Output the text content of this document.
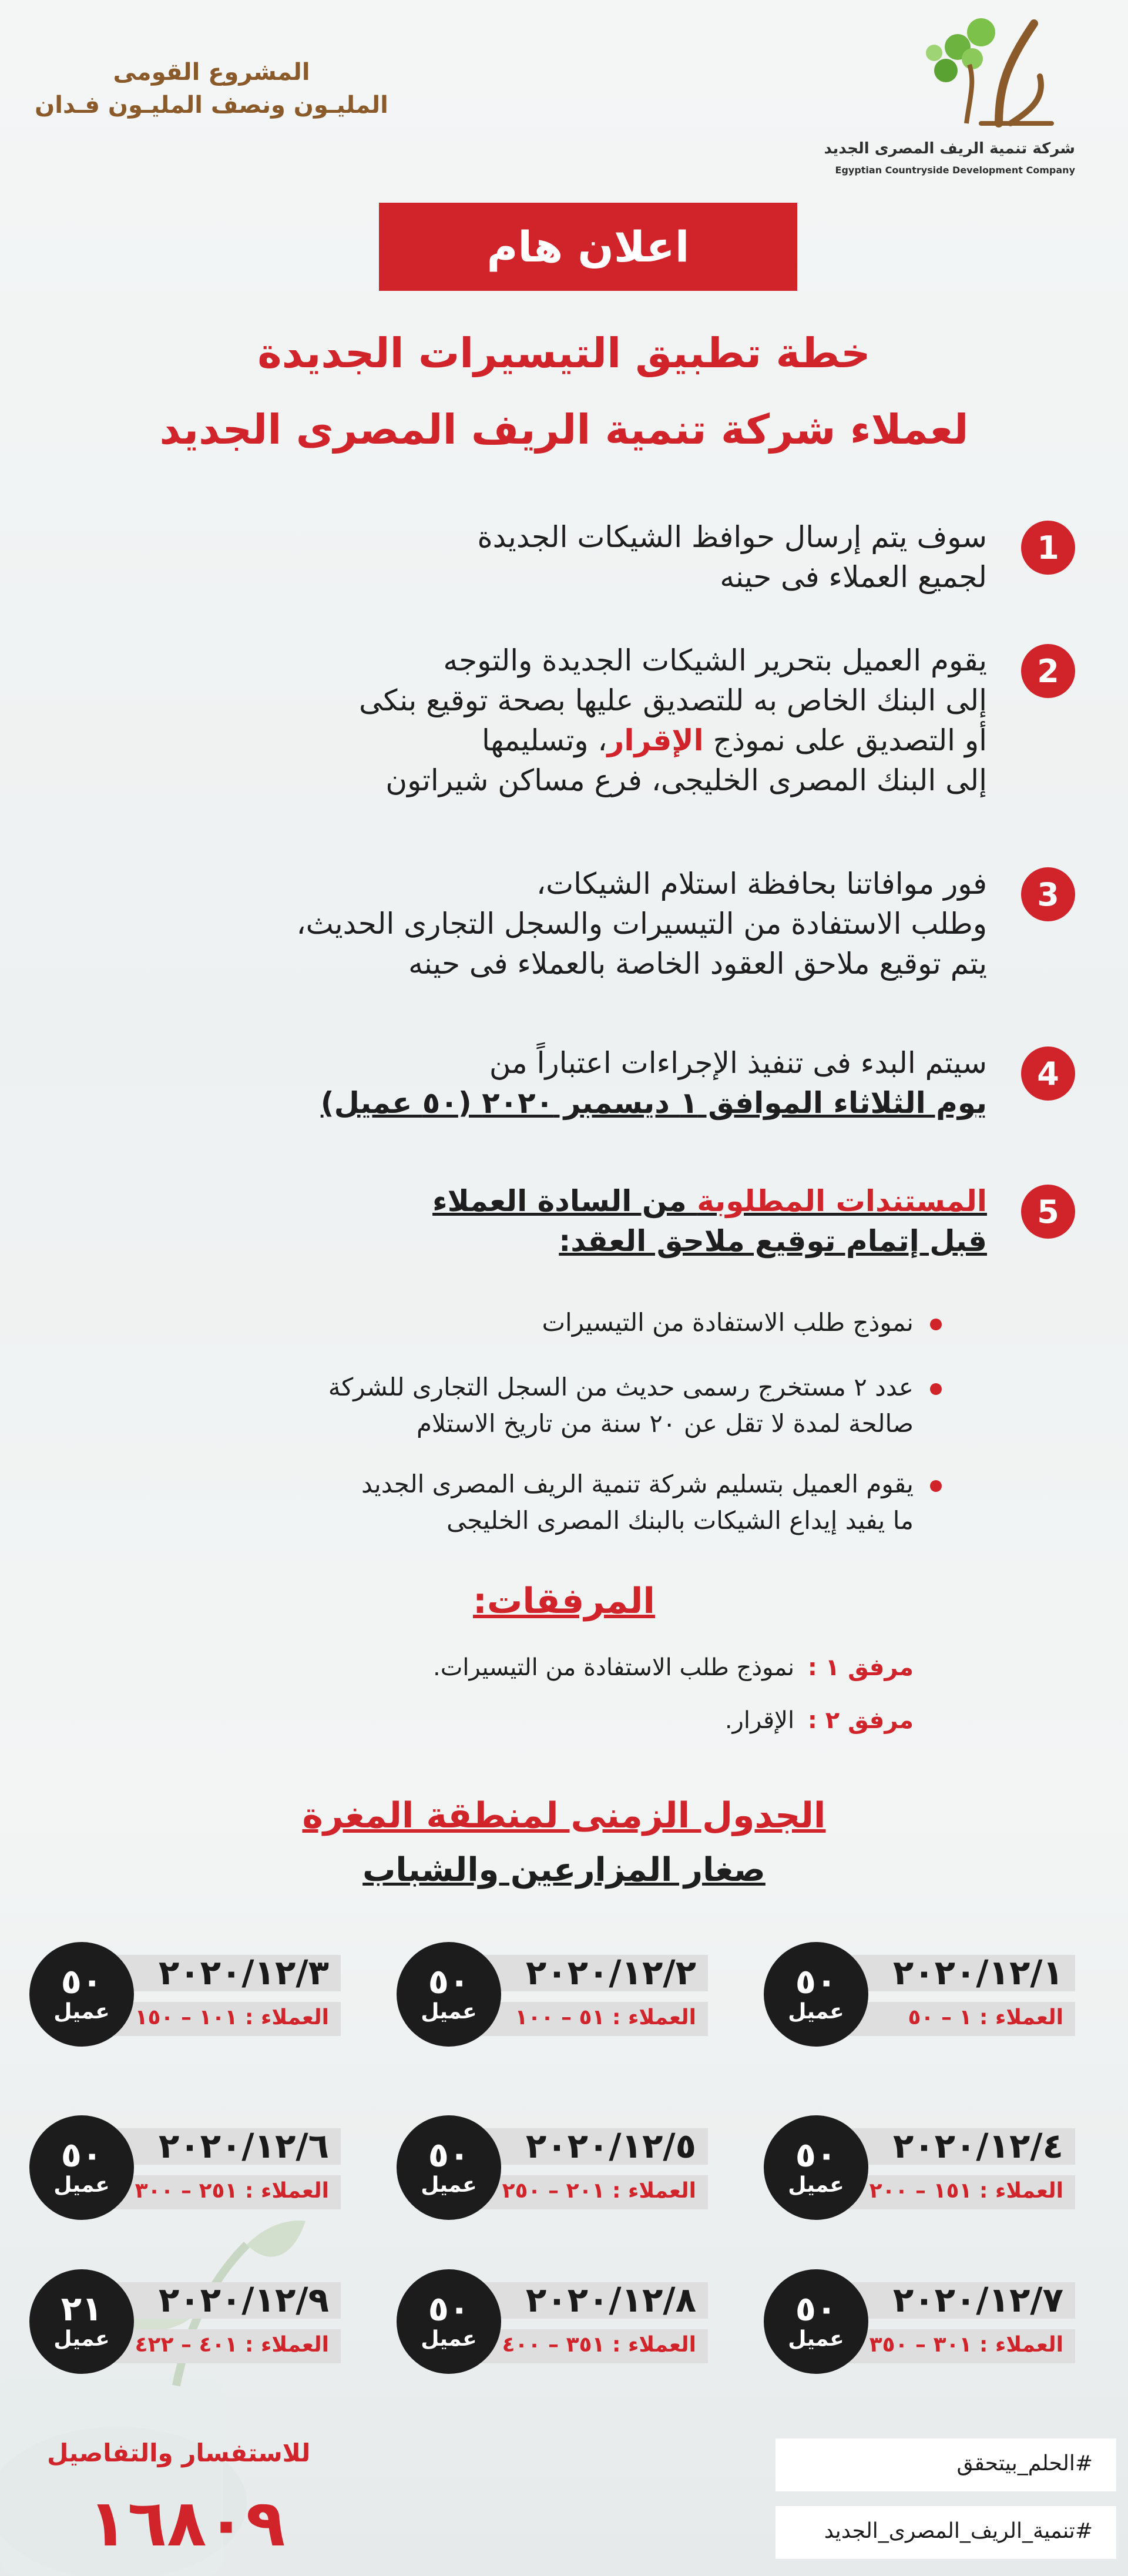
شركة تنمية الريف المصرى الجديد
Egyptian Countryside Development Company
المشروع القومى
المليـون ونصف المليـون فـدان
اعلان هام
خطة تطبيق التيسيرات الجديدة
لعملاء شركة تنمية الريف المصرى الجديد
1
سوف يتم إرسال حوافظ الشيكات الجديدة
لجميع العملاء فى حينه
2
يقوم العميل بتحرير الشيكات الجديدة والتوجه
إلى البنك الخاص به للتصديق عليها بصحة توقيع بنكى
أو التصديق على نموذج الإقرار، وتسليمها
إلى البنك المصرى الخليجى، فرع مساكن شيراتون
3
فور موافاتنا بحافظة استلام الشيكات،
وطلب الاستفادة من التيسيرات والسجل التجارى الحديث،
يتم توقيع ملاحق العقود الخاصة بالعملاء فى حينه
4
سيتم البدء فى تنفيذ الإجراءات اعتباراً من
يوم الثلاثاء الموافق ١ ديسمبر ٢٠٢٠ (٥٠ عميل)
5
المستندات المطلوبة من السادة العملاء
قبل إتمام توقيع ملاحق العقد:
نموذج طلب الاستفادة من التيسيرات
عدد ٢ مستخرج رسمى حديث من السجل التجارى للشركة
صالحة لمدة لا تقل عن ٢٠ سنة من تاريخ الاستلام
يقوم العميل بتسليم شركة تنمية الريف المصرى الجديد
ما يفيد إيداع الشيكات بالبنك المصرى الخليجى
المرفقات:
مرفق ١ : نموذج طلب الاستفادة من التيسيرات.
مرفق ٢ : الإقرار.
الجدول الزمنى لمنطقة المغرة
صغار المزارعين والشباب
٢٠٢٠/١٢/١
العملاء : ١ – ٥٠
٥٠
عميل
٢٠٢٠/١٢/٢
العملاء : ٥١ – ١٠٠
٥٠
عميل
٢٠٢٠/١٢/٣
العملاء : ١٠١ – ١٥٠
٥٠
عميل
٢٠٢٠/١٢/٤
العملاء : ١٥١ – ٢٠٠
٥٠
عميل
٢٠٢٠/١٢/٥
العملاء : ٢٠١ – ٢٥٠
٥٠
عميل
٢٠٢٠/١٢/٦
العملاء : ٢٥١ – ٣٠٠
٥٠
عميل
٢٠٢٠/١٢/٧
العملاء : ٣٠١ – ٣٥٠
٥٠
عميل
٢٠٢٠/١٢/٨
العملاء : ٣٥١ – ٤٠٠
٥٠
عميل
٢٠٢٠/١٢/٩
العملاء : ٤٠١ – ٤٢٢
٢١
عميل
للاستفسار والتفاصيل
١٦٨٠٩
#الحلم_بيتحقق
#تنمية_الريف_المصرى_الجديد
